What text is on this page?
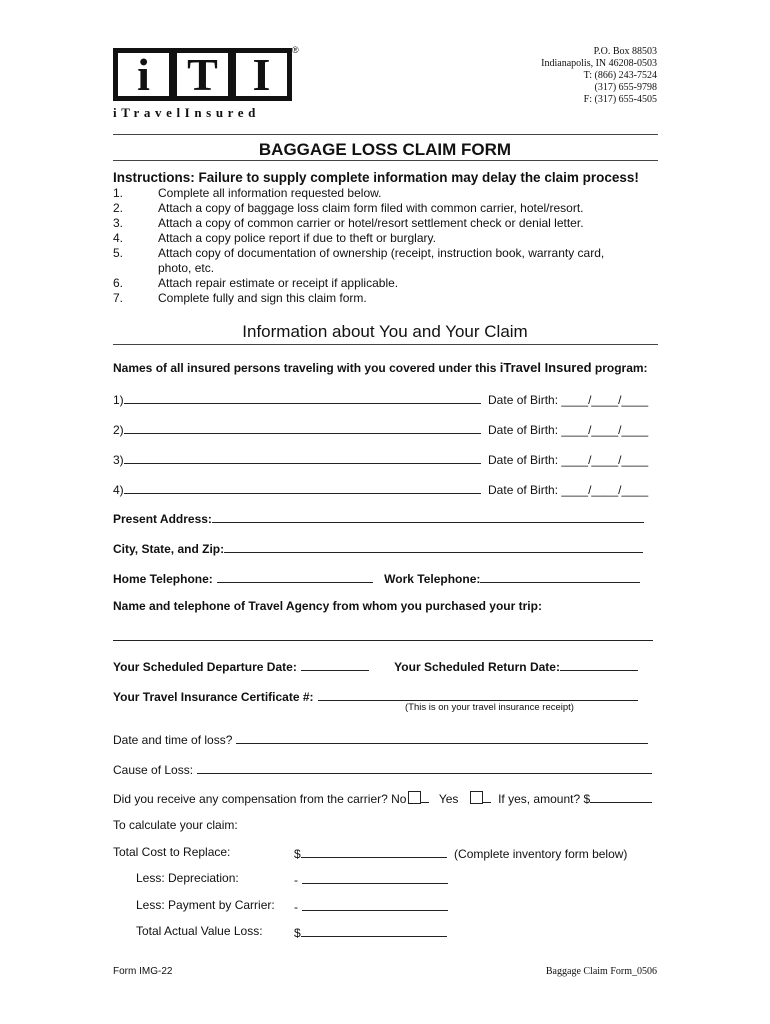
i T I	®
iTravelInsured
P.O. Box 88503
Indianapolis, IN 46208-0503
T: (866) 243-7524
(317) 655-9798
F: (317) 655-4505
BAGGAGE LOSS CLAIM FORM
Instructions: Failure to supply complete information may delay the claim process!
1.	Complete all information requested below.
2.	Attach a copy of baggage loss claim form filed with common carrier, hotel/resort.
3.	Attach a copy of common carrier or hotel/resort settlement check or denial letter.
4.	Attach a copy police report if due to theft or burglary.
5.	Attach copy of documentation of ownership (receipt, instruction book, warranty card, photo, etc.
6.	Attach repair estimate or receipt if applicable.
7.	Complete fully and sign this claim form.
Information about You and Your Claim
Names of all insured persons traveling with you covered under this iTravel Insured program:
1)	Date of Birth: ____/____/____
2)	Date of Birth: ____/____/____
3)	Date of Birth: ____/____/____
4)	Date of Birth: ____/____/____
Present Address:
City, State, and Zip:
Home Telephone:	Work Telephone:
Name and telephone of Travel Agency from whom you purchased your trip:
Your Scheduled Departure Date:	Your Scheduled Return Date:
Your Travel Insurance Certificate #:
(This is on your travel insurance receipt)
Date and time of loss?
Cause of Loss:
Did you receive any compensation from the carrier? No	Yes	If yes, amount? $
To calculate your claim:
Total Cost to Replace:	$	(Complete inventory form below)
Less: Depreciation:	-
Less: Payment by Carrier: -
Total Actual Value Loss:	$
Form IMG-22	Baggage Claim Form_0506
